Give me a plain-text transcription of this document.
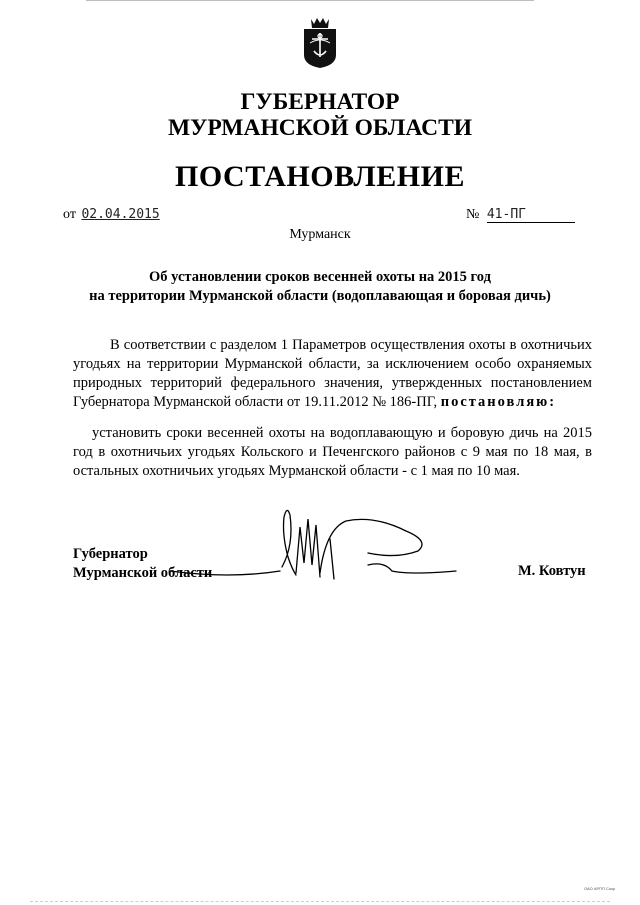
ГУБЕРНАТОР
МУРМАНСКОЙ ОБЛАСТИ
ПОСТАНОВЛЕНИЕ
от 02.04.2015	№ 41-ПГ
Мурманск
Об установлении сроков весенней охоты на 2015 год
на территории Мурманской области (водоплавающая и боровая дичь)
В соответствии с разделом 1 Параметров осуществления охоты в охотничьих угодьях на территории Мурманской области, за исключением особо охраняемых природных территорий федерального значения, утвержденных постановлением Губернатора Мурманской области от 19.11.2012 № 186-ПГ, постановляю:
установить сроки весенней охоты на водоплавающую и боровую дичь на 2015 год в охотничьих угодьях Кольского и Печенгского районов с 9 мая по 18 мая, в остальных охотничьих угодьях Мурманской области - с 1 мая по 10 мая.
Губернатор
Мурманской области	М. Ковтун
ОАО АРПП Сокр
